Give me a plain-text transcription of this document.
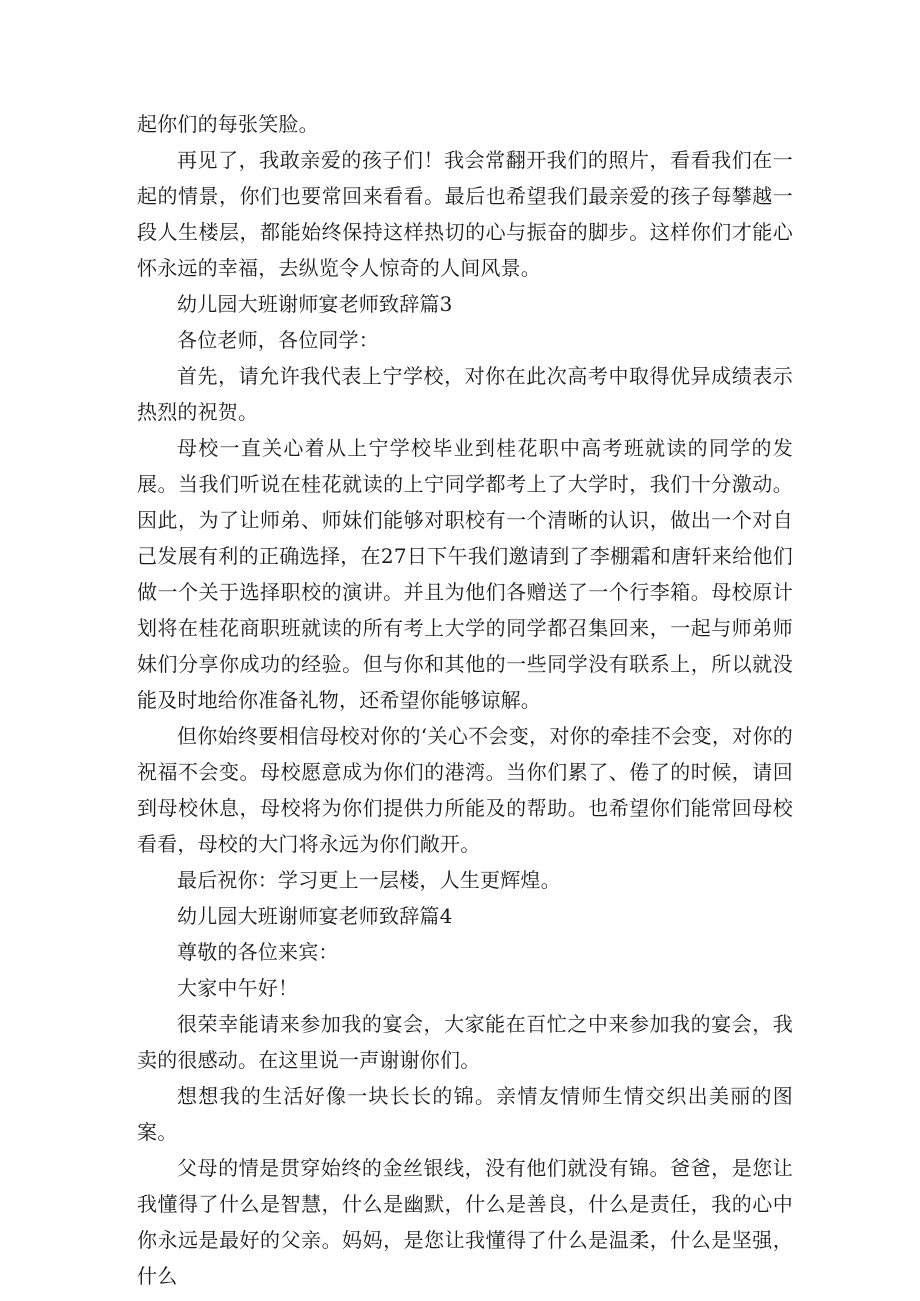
起你们的每张笑脸。

再见了，我敢亲爱的孩子们！我会常翻开我们的照片，看看我们在一起的情景，你们也要常回来看看。最后也希望我们最亲爱的孩子每攀越一段人生楼层，都能始终保持这样热切的心与振奋的脚步。这样你们才能心怀永远的幸福，去纵览令人惊奇的人间风景。

幼儿园大班谢师宴老师致辞篇3

各位老师，各位同学：

首先，请允许我代表上宁学校，对你在此次高考中取得优异成绩表示热烈的祝贺。

母校一直关心着从上宁学校毕业到桂花职中高考班就读的同学的发展。当我们听说在桂花就读的上宁同学都考上了大学时，我们十分激动。因此，为了让师弟、师妹们能够对职校有一个清晰的认识，做出一个对自己发展有利的正确选择，在27日下午我们邀请到了李棚霜和唐轩来给他们做一个关于选择职校的演讲。并且为他们各赠送了一个行李箱。母校原计划将在桂花商职班就读的所有考上大学的同学都召集回来，一起与师弟师妹们分享你成功的经验。但与你和其他的一些同学没有联系上，所以就没能及时地给你准备礼物，还希望你能够谅解。

但你始终要相信母校对你的‘关心不会变，对你的牵挂不会变，对你的祝福不会变。母校愿意成为你们的港湾。当你们累了、倦了的时候，请回到母校休息，母校将为你们提供力所能及的帮助。也希望你们能常回母校看看，母校的大门将永远为你们敞开。

最后祝你：学习更上一层楼，人生更辉煌。

幼儿园大班谢师宴老师致辞篇4

尊敬的各位来宾：

大家中午好！

很荣幸能请来参加我的宴会，大家能在百忙之中来参加我的宴会，我卖的很感动。在这里说一声谢谢你们。

想想我的生活好像一块长长的锦。亲情友情师生情交织出美丽的图案。

父母的情是贯穿始终的金丝银线，没有他们就没有锦。爸爸，是您让我懂得了什么是智慧，什么是幽默，什么是善良，什么是责任，我的心中你永远是最好的父亲。妈妈，是您让我懂得了什么是温柔，什么是坚强，什么
